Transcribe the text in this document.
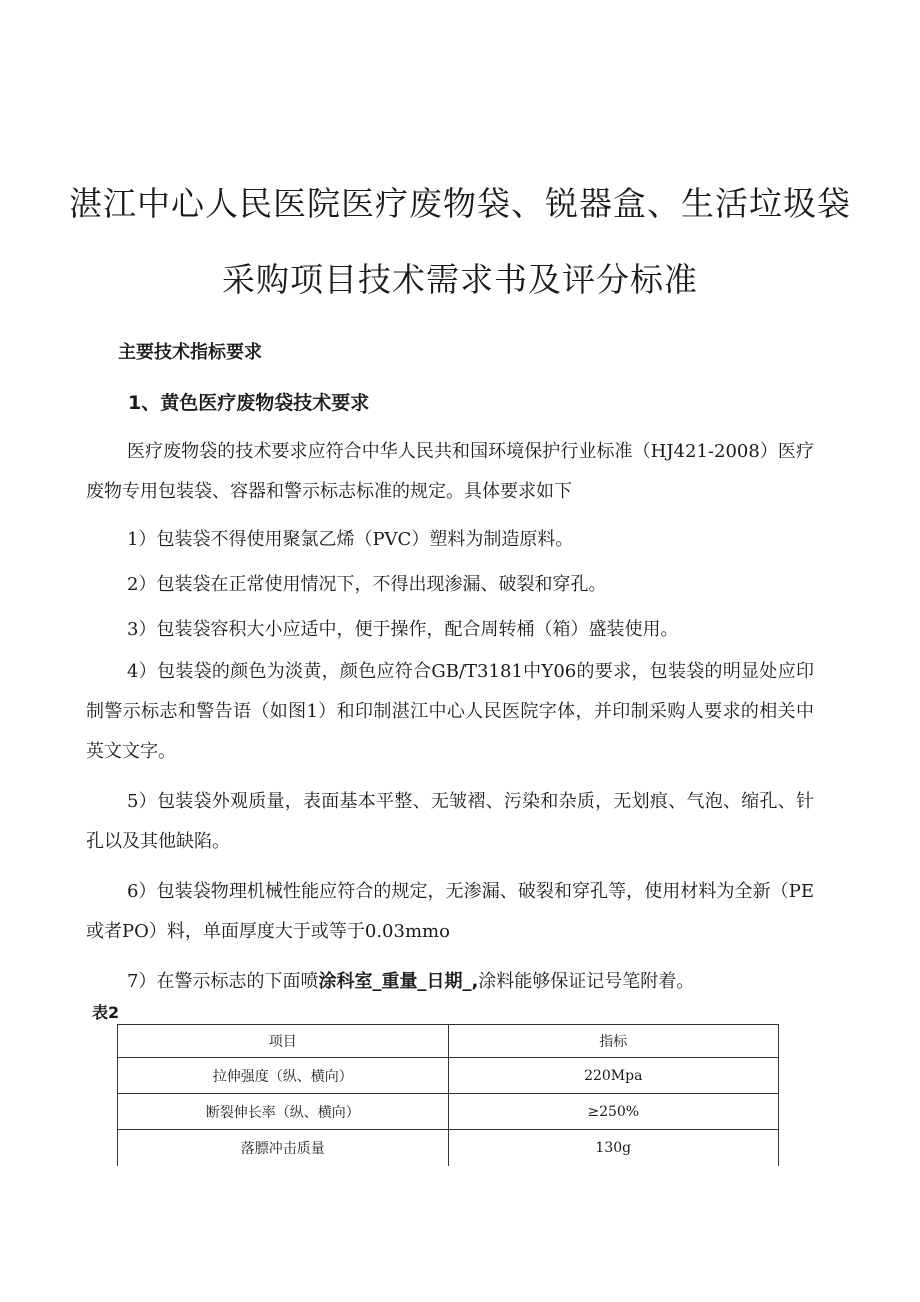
湛江中心人民医院医疗废物袋、锐器盒、生活垃圾袋
采购项目技术需求书及评分标准
主要技术指标要求
1、黄色医疗废物袋技术要求

医疗废物袋的技术要求应符合中华人民共和国环境保护行业标准（HJ421-2008）医疗废物专用包装袋、容器和警示标志标准的规定。具体要求如下

1）包装袋不得使用聚氯乙烯（PVC）塑料为制造原料。

2）包装袋在正常使用情况下，不得出现渗漏、破裂和穿孔。

3）包装袋容积大小应适中，便于操作，配合周转桶（箱）盛装使用。

4）包装袋的颜色为淡黄，颜色应符合GB/T3181中Y06的要求，包装袋的明显处应印制警示标志和警告语（如图1）和印制湛江中心人民医院字体，并印制采购人要求的相关中英文文字。

5）包装袋外观质量，表面基本平整、无皱褶、污染和杂质，无划痕、气泡、缩孔、针孔以及其他缺陷。

6）包装袋物理机械性能应符合的规定，无渗漏、破裂和穿孔等，使用材料为全新（PE或者PO）料，单面厚度大于或等于0.03mmo

7）在警示标志的下面喷涂科室_重量_日期_,涂料能够保证记号笔附着。

表2
项目	指标
拉伸强度（纵、横向）	220Mpa
断裂伸长率（纵、横向）	≥250%
落膘冲击质量	130g
